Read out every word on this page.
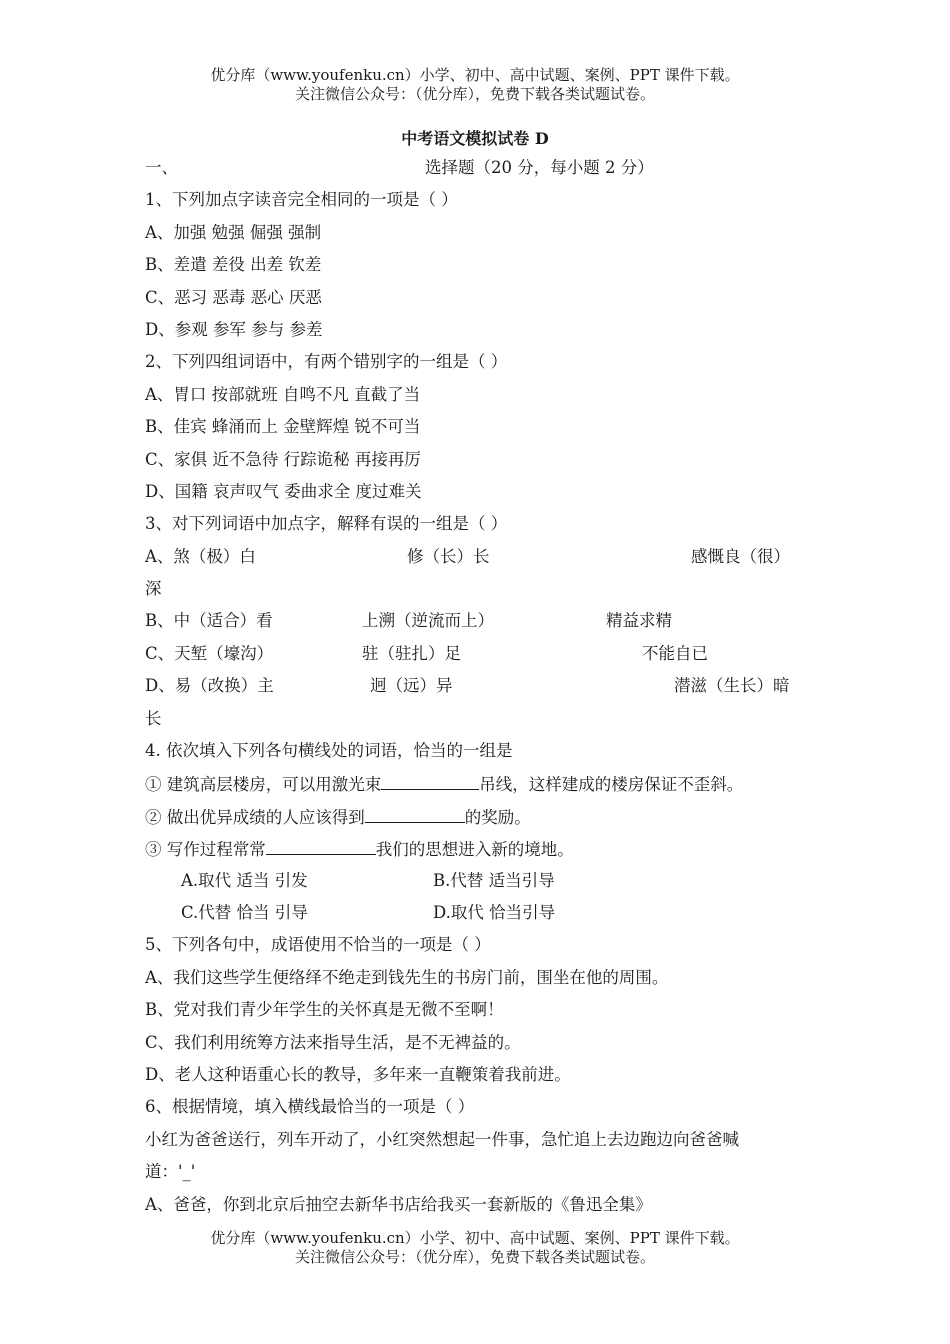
优分库（www.youfenku.cn）小学、初中、高中试题、案例、PPT 课件下载。
关注微信公众号：（优分库），免费下载各类试题试卷。
中考语文模拟试卷 D
一、	选择题（20 分，每小题 2 分）
1、下列加点字读音完全相同的一项是（ ）
A、加强 勉强 倔强 强制
B、差遣 差役 出差 钦差
C、恶习 恶毒 恶心 厌恶
D、参观 参军 参与 参差
2、下列四组词语中，有两个错别字的一组是（ ）
A、胃口 按部就班 自鸣不凡 直截了当
B、佳宾 蜂涌而上 金壁辉煌 锐不可当
C、家俱 近不急待 行踪诡秘 再接再厉
D、国籍 哀声叹气 委曲求全 度过难关
3、对下列词语中加点字，解释有误的一组是（ ）
A、煞（极）白	修（长）长	感慨良（很）
深
B、中（适合）看	上溯（逆流而上）	精益求精
C、天堑（壕沟）	驻（驻扎）足	不能自已
D、易（改换）主	迥（远）异	潜滋（生长）暗
长
4. 依次填入下列各句横线处的词语，恰当的一组是
① 建筑高层楼房，可以用激光束	吊线，这样建成的楼房保证不歪斜。
② 做出优异成绩的人应该得到	的奖励。
③ 写作过程常常	我们的思想进入新的境地。
A.取代 适当 引发	B.代替 适当引导
C.代替 恰当 引导	D.取代 恰当引导
5、下列各句中，成语使用不恰当的一项是（ ）
A、我们这些学生便络绎不绝走到钱先生的书房门前，围坐在他的周围。
B、党对我们青少年学生的关怀真是无微不至啊！
C、我们利用统筹方法来指导生活，是不无裨益的。
D、老人这种语重心长的教导，多年来一直鞭策着我前进。
6、根据情境，填入横线最恰当的一项是（ ）
小红为爸爸送行，列车开动了，小红突然想起一件事，急忙追上去边跑边向爸爸喊
道：'_'
A、爸爸，你到北京后抽空去新华书店给我买一套新版的《鲁迅全集》
优分库（www.youfenku.cn）小学、初中、高中试题、案例、PPT 课件下载。
关注微信公众号：（优分库），免费下载各类试题试卷。
